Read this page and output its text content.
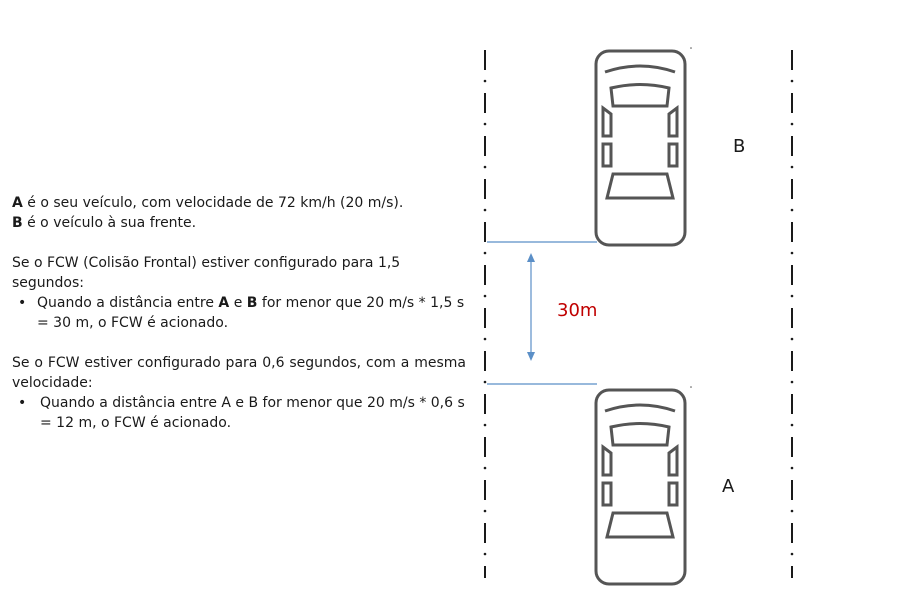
A é o seu veículo, com velocidade de 72 km/h (20 m/s).

B é o veículo à sua frente.

Se o FCW (Colisão Frontal) estiver configurado para 1,5 segundos:

• Quando a distância entre A e B for menor que 20 m/s * 1,5 s = 30 m, o FCW é acionado.

Se o FCW estiver configurado para 0,6 segundos, com a mesma velocidade:

• Quando a distância entre A e B for menor que 20 m/s * 0,6 s = 12 m, o FCW é acionado.
B
A
30m
